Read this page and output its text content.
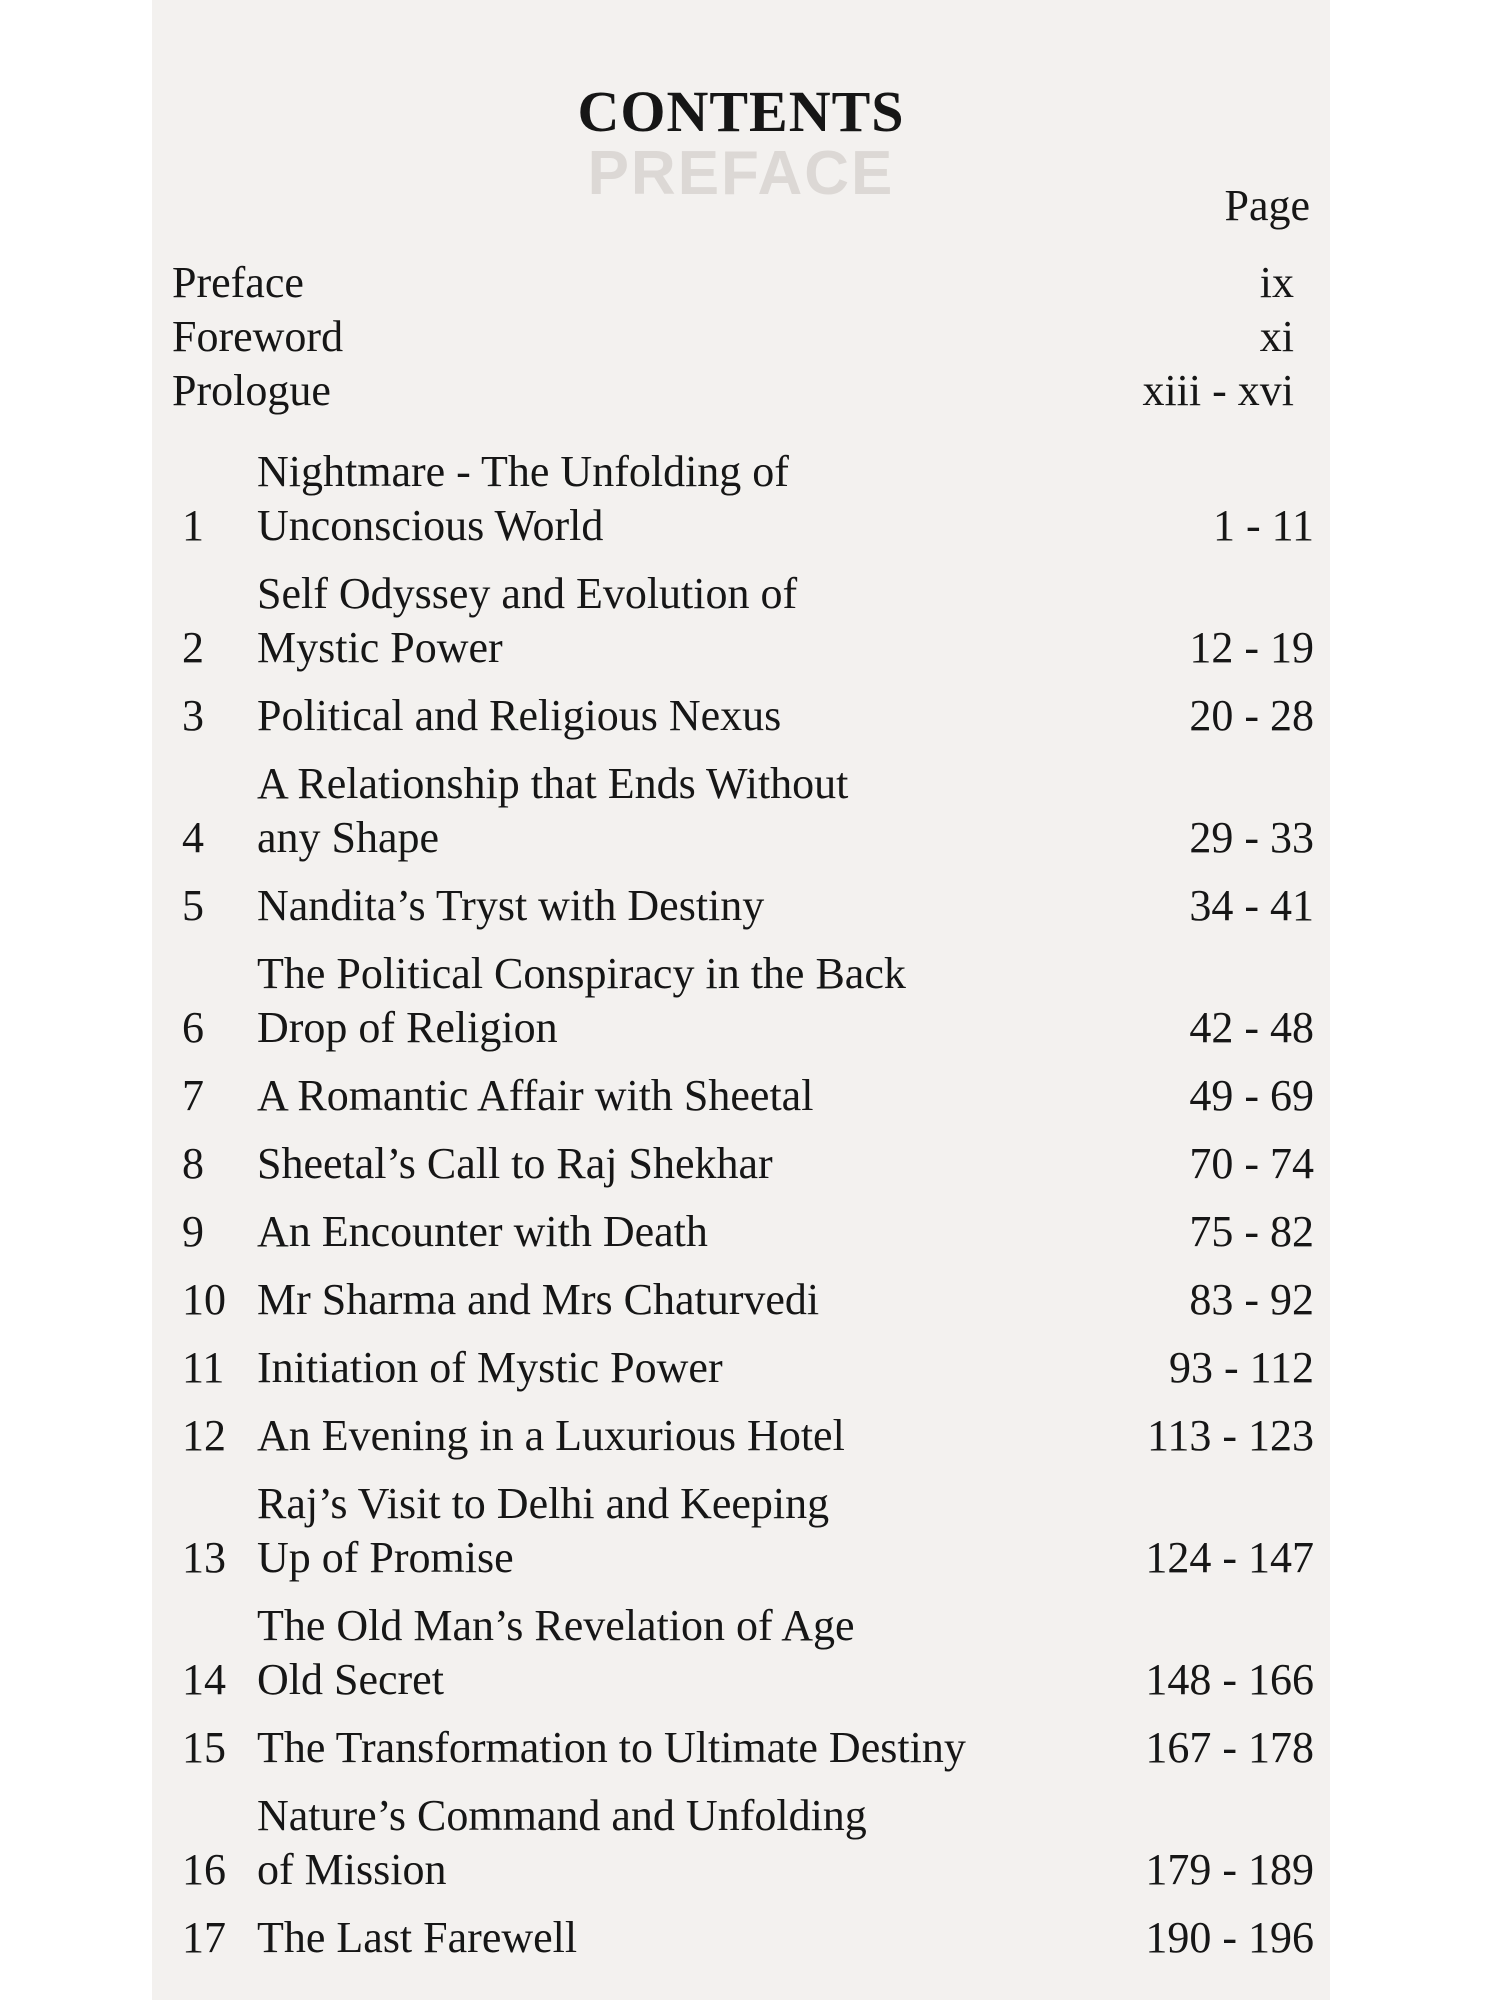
PREFACE
CONTENTS
Page
Preface	ix
Foreword	xi
Prologue	xiii - xvi
1
Nightmare - The Unfolding of
Unconscious World	1 - 11
2
Self Odyssey and Evolution of
Mystic Power	12 - 19
3	Political and Religious Nexus	20 - 28
4
A Relationship that Ends Without
any Shape	29 - 33
5	Nandita’s Tryst with Destiny	34 - 41
6
The Political Conspiracy in the Back
Drop of Religion	42 - 48
7	A Romantic Affair with Sheetal	49 - 69
8	Sheetal’s Call to Raj Shekhar	70 - 74
9	An Encounter with Death	75 - 82
10 Mr Sharma and Mrs Chaturvedi	83 - 92
11 Initiation of Mystic Power	93 - 112
12 An Evening in a Luxurious Hotel	113 - 123
13
Raj’s Visit to Delhi and Keeping
Up of Promise	124 - 147
14
The Old Man’s Revelation of Age
Old Secret	148 - 166
15 The Transformation to Ultimate Destiny	167 - 178
16
Nature’s Command and Unfolding
of Mission	179 - 189
17 The Last Farewell	190 - 196
